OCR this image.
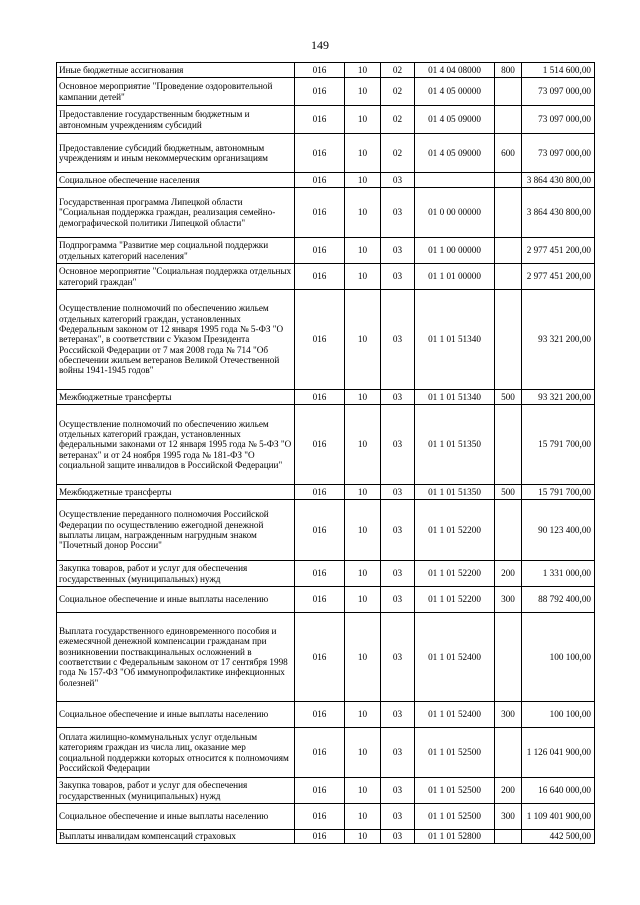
149
Иные бюджетные ассигнования	016	10	02	01 4 04 08000	800	1 514 600,00
Основное мероприятие "Проведение оздоровительной кампании детей"	016	10	02	01 4 05 00000		73 097 000,00
Предоставление государственным бюджетным и автономным учреждениям субсидий	016	10	02	01 4 05 09000		73 097 000,00
Предоставление субсидий бюджетным, автономным учреждениям и иным некоммерческим организациям	016	10	02	01 4 05 09000	600	73 097 000,00
Социальное обеспечение населения	016	10	03			3 864 430 800,00
Государственная программа Липецкой области "Социальная поддержка граждан, реализация семейно-демографической политики Липецкой области"	016	10	03	01 0 00 00000		3 864 430 800,00
Подпрограмма "Развитие мер социальной поддержки отдельных категорий населения"	016	10	03	01 1 00 00000		2 977 451 200,00
Основное мероприятие "Социальная поддержка отдельных категорий граждан"	016	10	03	01 1 01 00000		2 977 451 200,00
Осуществление полномочий по обеспечению жильем отдельных категорий граждан, установленных Федеральным законом от 12 января 1995 года № 5-ФЗ "О ветеранах", в соответствии с Указом Президента Российской Федерации от 7 мая 2008 года № 714 "Об обеспечении жильем ветеранов Великой Отечественной войны 1941-1945 годов"	016	10	03	01 1 01 51340		93 321 200,00
Межбюджетные трансферты	016	10	03	01 1 01 51340	500	93 321 200,00
Осуществление полномочий по обеспечению жильем отдельных категорий граждан, установленных федеральными законами от 12 января 1995 года № 5-ФЗ "О ветеранах" и от 24 ноября 1995 года № 181-ФЗ "О социальной защите инвалидов в Российской Федерации"	016	10	03	01 1 01 51350		15 791 700,00
Межбюджетные трансферты	016	10	03	01 1 01 51350	500	15 791 700,00
Осуществление переданного полномочия Российской Федерации по осуществлению ежегодной денежной выплаты лицам, награжденным нагрудным знаком "Почетный донор России"	016	10	03	01 1 01 52200		90 123 400,00
Закупка товаров, работ и услуг для обеспечения государственных (муниципальных) нужд	016	10	03	01 1 01 52200	200	1 331 000,00
Социальное обеспечение и иные выплаты населению	016	10	03	01 1 01 52200	300	88 792 400,00
Выплата государственного единовременного пособия и ежемесячной денежной компенсации гражданам при возникновении поствакцинальных осложнений в соответствии с Федеральным законом от 17 сентября 1998 года № 157-ФЗ "Об иммунопрофилактике инфекционных болезней"	016	10	03	01 1 01 52400		100 100,00
Социальное обеспечение и иные выплаты населению	016	10	03	01 1 01 52400	300	100 100,00
Оплата жилищно-коммунальных услуг отдельным категориям граждан из числа лиц, оказание мер социальной поддержки которых относится к полномочиям Российской Федерации	016	10	03	01 1 01 52500		1 126 041 900,00
Закупка товаров, работ и услуг для обеспечения государственных (муниципальных) нужд	016	10	03	01 1 01 52500	200	16 640 000,00
Социальное обеспечение и иные выплаты населению	016	10	03	01 1 01 52500	300	1 109 401 900,00
Выплаты инвалидам компенсаций страховых	016	10	03	01 1 01 52800		442 500,00
